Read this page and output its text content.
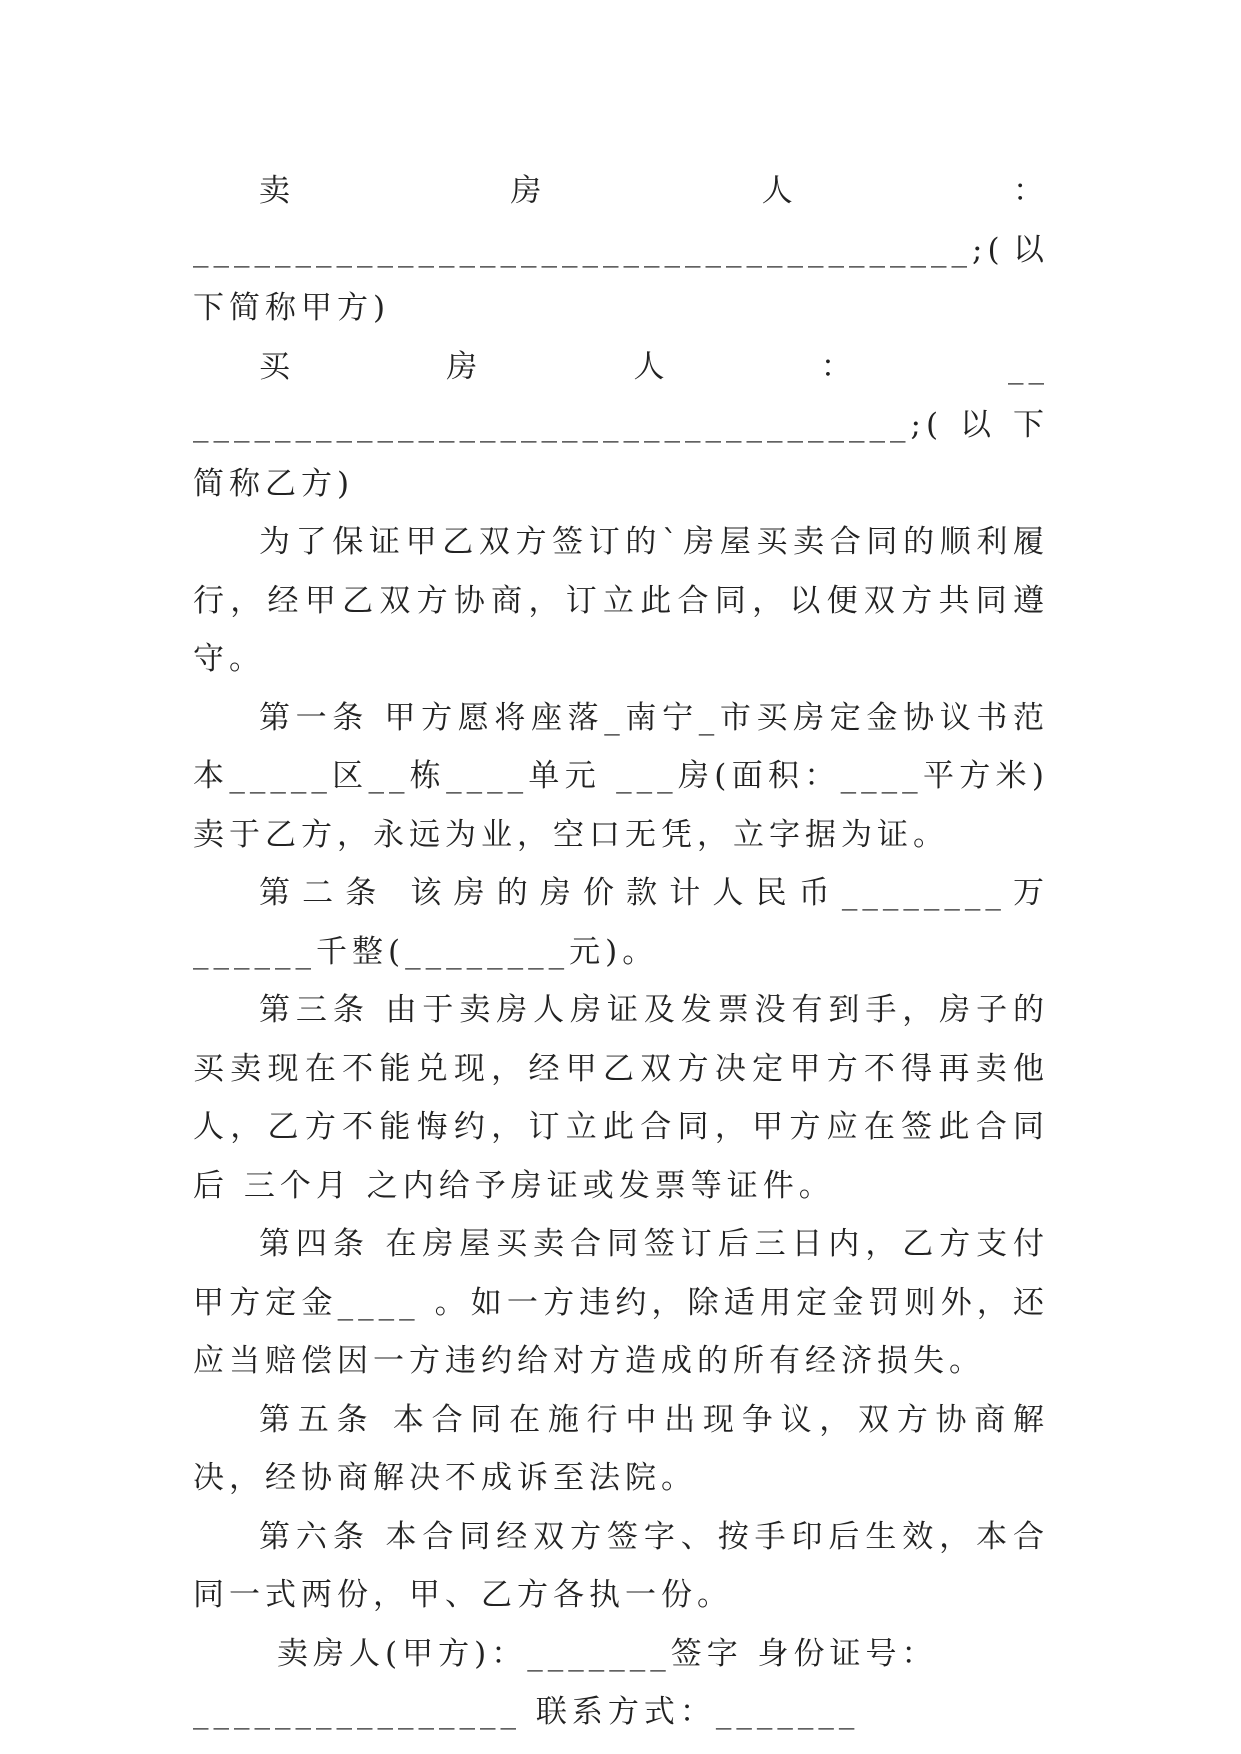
卖房人：______________________________________;(以下简称甲方)

买房人：__ ___________________________________;(以下简称乙方)

为了保证甲乙双方签订的`房屋买卖合同的顺利履行，经甲乙双方协商，订立此合同，以便双方共同遵守。

第一条 甲方愿将座落_南宁_市买房定金协议书范本_____区__栋____单元 ___房(面积：____平方米)卖于乙方，永远为业，空口无凭，立字据为证。

第二条 该房的房价款计人民币________万______千整(________元)。

第三条 由于卖房人房证及发票没有到手，房子的买卖现在不能兑现，经甲乙双方决定甲方不得再卖他人，乙方不能悔约，订立此合同，甲方应在签此合同后 三个月 之内给予房证或发票等证件。

第四条 在房屋买卖合同签订后三日内，乙方支付甲方定金____ 。如一方违约，除适用定金罚则外，还应当赔偿因一方违约给对方造成的所有经济损失。

第五条 本合同在施行中出现争议，双方协商解决，经协商解决不成诉至法院。

第六条 本合同经双方签字、按手印后生效，本合同一式两份，甲、乙方各执一份。

卖房人(甲方)：_______签字 身份证号：________________ 联系方式：_______
